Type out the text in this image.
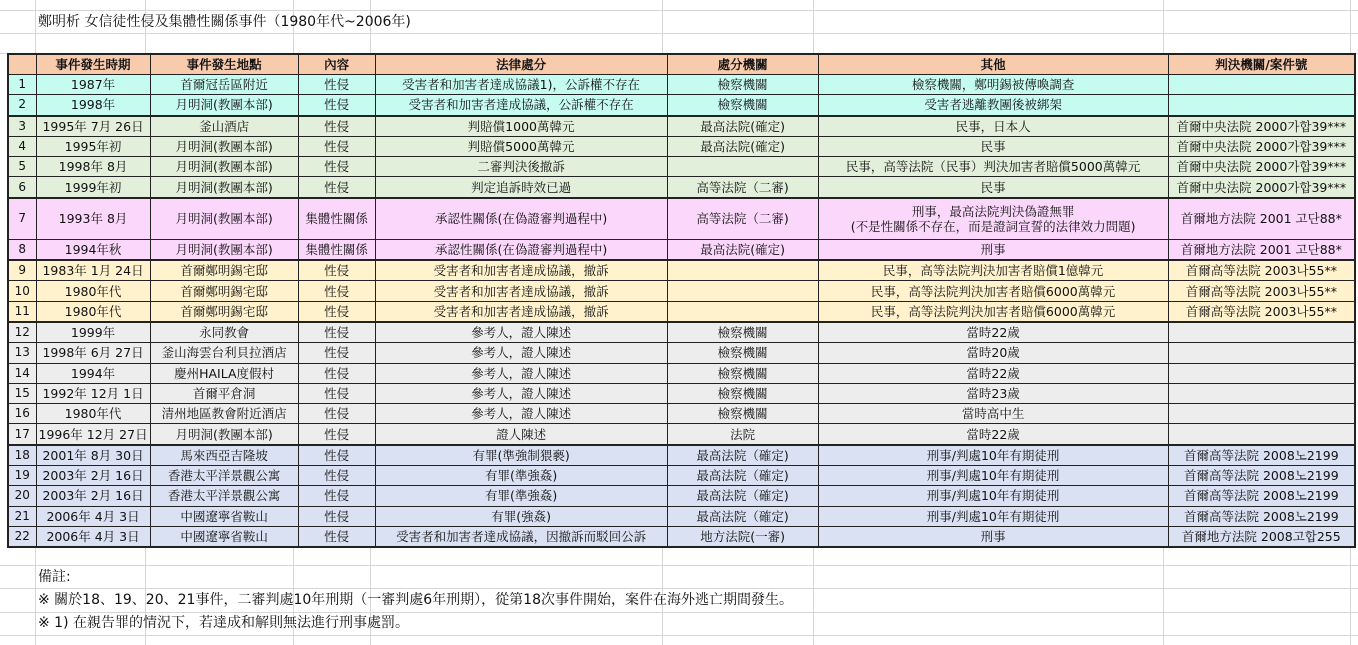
鄭明析 女信徒性侵及集體性關係事件（1980年代~2006年)
	事件發生時期	事件發生地點	內容	法律處分	處分機關	其他	判決機關/案件號
1	1987年	首爾冠岳區附近	性侵	受害者和加害者達成協議1)，公訴權不存在	檢察機關	檢察機關，鄭明錫被傳喚調查	
2	1998年	月明洞(教團本部)	性侵	受害者和加害者達成協議，公訴權不存在	檢察機關	受害者逃離教團後被綁架	
3	1995年 7月 26日	釜山酒店	性侵	判賠償1000萬韓元	最高法院(確定)	民事，日本人	首爾中央法院 2000가합39***
4	1995年初	月明洞(教團本部)	性侵	判賠償5000萬韓元	最高法院(確定)	民事	首爾中央法院 2000가합39***
5	1998年 8月	月明洞(教團本部)	性侵	二審判決後撤訴		民事，高等法院（民事）判決加害者賠償5000萬韓元	首爾中央法院 2000가합39***
6	1999年初	月明洞(教團本部)	性侵	判定追訴時效已過	高等法院（二審)	民事	首爾中央法院 2000가합39***
7	1993年 8月	月明洞(教團本部)	集體性關係	承認性關係(在偽證審判過程中)	高等法院（二審)	刑事，最高法院判決偽證無罪
(不是性關係不存在，而是證詞宣誓的法律效力問題)	首爾地方法院 2001 고단88*
8	1994年秋	月明洞(教團本部)	集體性關係	承認性關係(在偽證審判過程中)	最高法院(確定)	刑事	首爾地方法院 2001 고단88*
9	1983年 1月 24日	首爾鄭明錫宅邸	性侵	受害者和加害者達成協議，撤訴		民事，高等法院判決加害者賠償1億韓元	首爾高等法院 2003나55**
10	1980年代	首爾鄭明錫宅邸	性侵	受害者和加害者達成協議，撤訴		民事，高等法院判決加害者賠償6000萬韓元	首爾高等法院 2003나55**
11	1980年代	首爾鄭明錫宅邸	性侵	受害者和加害者達成協議，撤訴		民事，高等法院判決加害者賠償6000萬韓元	首爾高等法院 2003나55**
12	1999年	永同教會	性侵	參考人，證人陳述	檢察機關	當時22歲	
13	1998年 6月 27日	釜山海雲台利貝拉酒店	性侵	參考人，證人陳述	檢察機關	當時20歲	
14	1994年	慶州HAILA度假村	性侵	參考人，證人陳述	檢察機關	當時22歲	
15	1992年 12月 1日	首爾平倉洞	性侵	參考人，證人陳述	檢察機關	當時23歲	
16	1980年代	清州地區教會附近酒店	性侵	參考人，證人陳述	檢察機關	當時高中生	
17	1996年 12月 27日	月明洞(教團本部)	性侵	證人陳述	法院	當時22歲	
18	2001年 8月 30日	馬來西亞吉隆坡	性侵	有罪(準強制猥褻)	最高法院（確定)	刑事/判處10年有期徒刑	首爾高等法院 2008노2199
19	2003年 2月 16日	香港太平洋景觀公寓	性侵	有罪(準強姦)	最高法院（確定)	刑事/判處10年有期徒刑	首爾高等法院 2008노2199
20	2003年 2月 16日	香港太平洋景觀公寓	性侵	有罪(準強姦)	最高法院（確定)	刑事/判處10年有期徒刑	首爾高等法院 2008노2199
21	2006年 4月 3日	中國遼寧省鞍山	性侵	有罪(強姦)	最高法院（確定)	刑事/判處10年有期徒刑	首爾高等法院 2008노2199
22	2006年 4月 3日	中國遼寧省鞍山	性侵	受害者和加害者達成協議，因撤訴而駁回公訴	地方法院(一審)	刑事	首爾地方法院 2008고합255
備註:
※ 關於18、19、20、21事件，二審判處10年刑期（一審判處6年刑期），從第18次事件開始，案件在海外逃亡期間發生。
※ 1) 在親告罪的情況下，若達成和解則無法進行刑事處罰。
